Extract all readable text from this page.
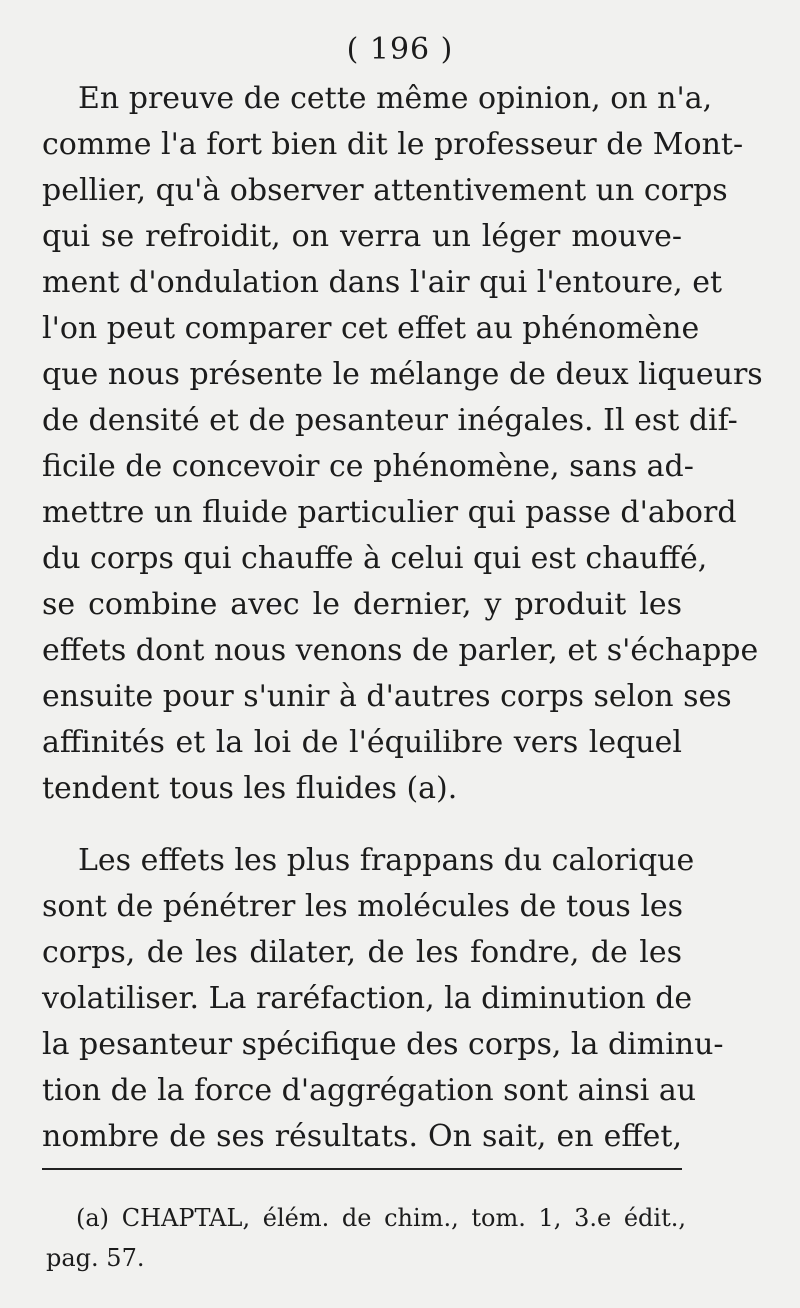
( 196 )
En preuve de cette même opinion, on n'a,
comme l'a fort bien dit le professeur de Mont-
pellier, qu'à observer attentivement un corps
qui se refroidit, on verra un léger mouve-
ment d'ondulation dans l'air qui l'entoure, et
l'on peut comparer cet effet au phénomène
que nous présente le mélange de deux liqueurs
de densité et de pesanteur inégales. Il est dif-
ficile de concevoir ce phénomène, sans ad-
mettre un fluide particulier qui passe d'abord
du corps qui chauffe à celui qui est chauffé,
se combine avec le dernier, y produit les
effets dont nous venons de parler, et s'échappe
ensuite pour s'unir à d'autres corps selon ses
affinités et la loi de l'équilibre vers lequel
tendent tous les fluides (a).
Les effets les plus frappans du calorique
sont de pénétrer les molécules de tous les
corps, de les dilater, de les fondre, de les
volatiliser. La raréfaction, la diminution de
la pesanteur spécifique des corps, la diminu-
tion de la force d'aggrégation sont ainsi au
nombre de ses résultats. On sait, en effet,
(a) CHAPTAL, élém. de chim., tom. 1, 3.e édit.,
pag. 57.
